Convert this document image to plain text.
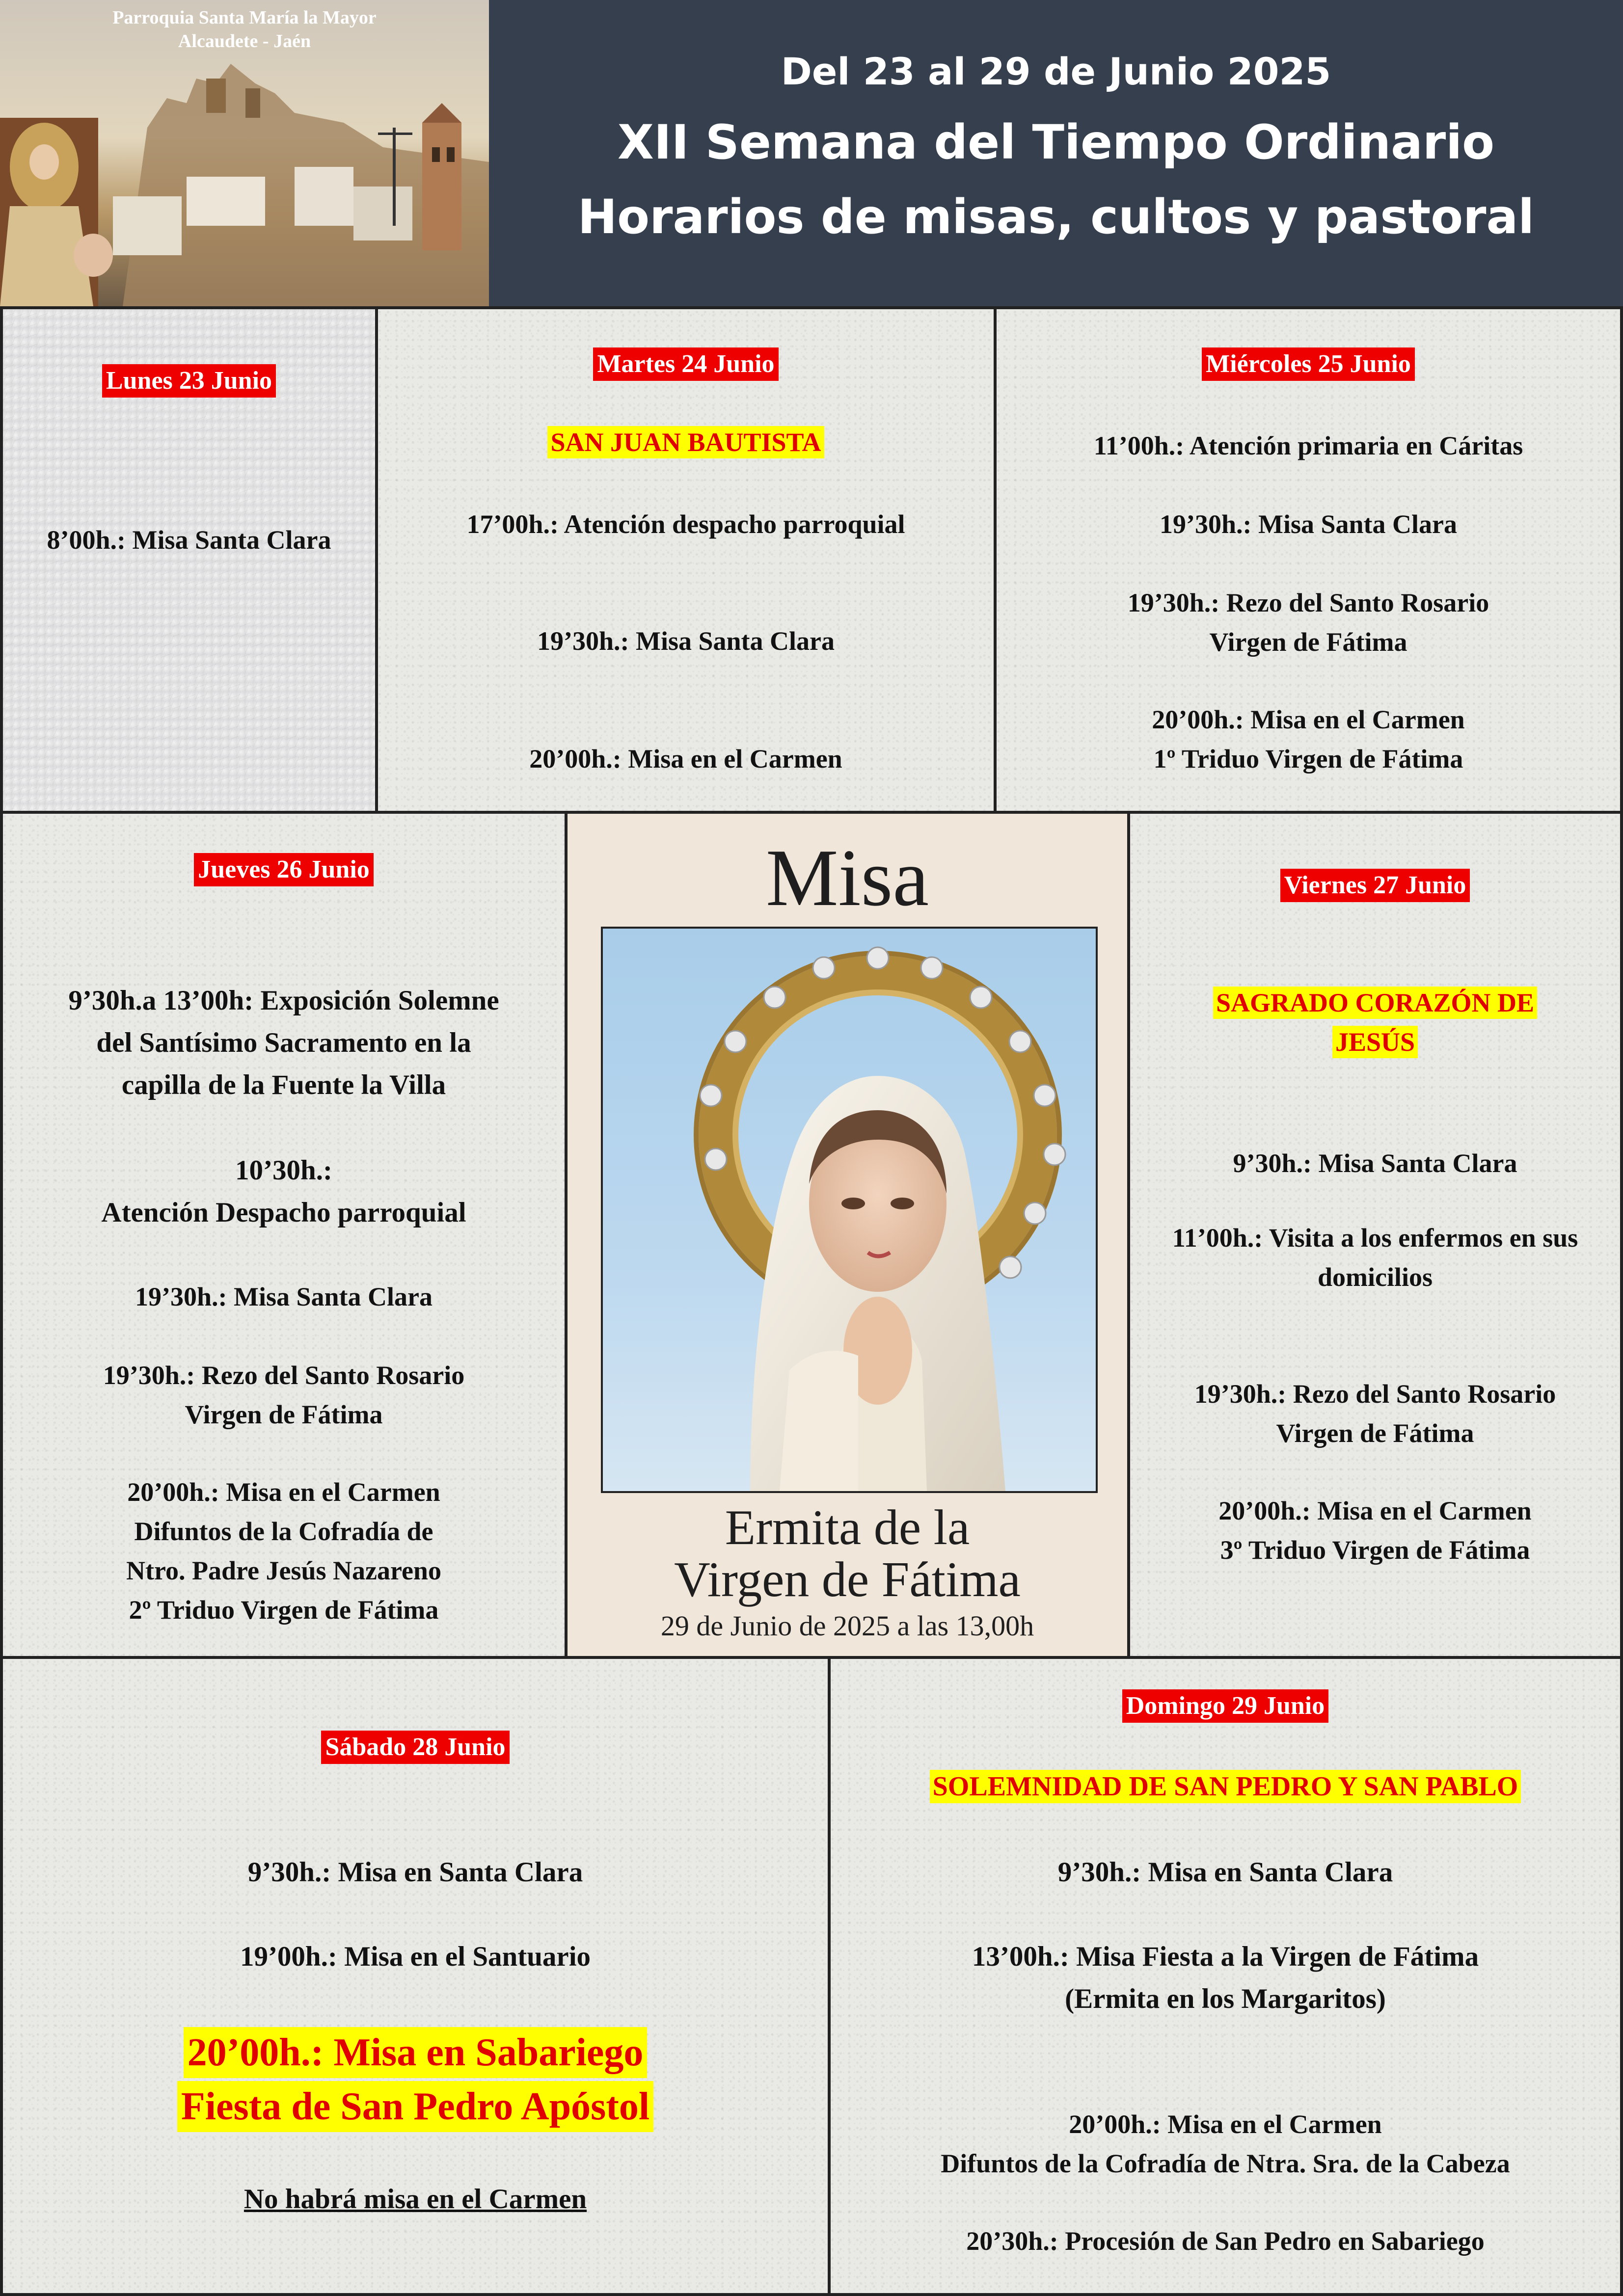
Parroquia Santa María la Mayor
Alcaudete - Jaén
Del 23 al 29 de Junio 2025
XII Semana del Tiempo Ordinario
Horarios de misas, cultos y pastoral
Lunes 23 Junio
8’00h.: Misa Santa Clara
Martes 24 Junio
SAN JUAN BAUTISTA
17’00h.: Atención despacho parroquial
19’30h.: Misa Santa Clara
20’00h.: Misa en el Carmen
Miércoles 25 Junio
11’00h.: Atención primaria en Cáritas
19’30h.: Misa Santa Clara
19’30h.: Rezo del Santo Rosario
Virgen de Fátima
20’00h.: Misa en el Carmen
1º Triduo Virgen de Fátima
Jueves 26 Junio
9’30h.a 13’00h: Exposición Solemne
del Santísimo Sacramento en la
capilla de la Fuente la Villa
10’30h.:
Atención Despacho parroquial
19’30h.: Misa Santa Clara
19’30h.: Rezo del Santo Rosario
Virgen de Fátima
20’00h.: Misa en el Carmen
Difuntos de la Cofradía de
Ntro. Padre Jesús Nazareno
2º Triduo Virgen de Fátima
Misa
Ermita de la
Virgen de Fátima
29 de Junio de 2025 a las 13,00h
Viernes 27 Junio
SAGRADO CORAZÓN DE
JESÚS
9’30h.: Misa Santa Clara
11’00h.: Visita a los enfermos en sus
domicilios
19’30h.: Rezo del Santo Rosario
Virgen de Fátima
20’00h.: Misa en el Carmen
3º Triduo Virgen de Fátima
Sábado 28 Junio
9’30h.: Misa en Santa Clara
19’00h.: Misa en el Santuario
20’00h.: Misa en Sabariego
Fiesta de San Pedro Apóstol
No habrá misa en el Carmen
Domingo 29 Junio
SOLEMNIDAD DE SAN PEDRO Y SAN PABLO
9’30h.: Misa en Santa Clara
13’00h.: Misa Fiesta a la Virgen de Fátima
(Ermita en los Margaritos)
20’00h.: Misa en el Carmen
Difuntos de la Cofradía de Ntra. Sra. de la Cabeza
20’30h.: Procesión de San Pedro en Sabariego
